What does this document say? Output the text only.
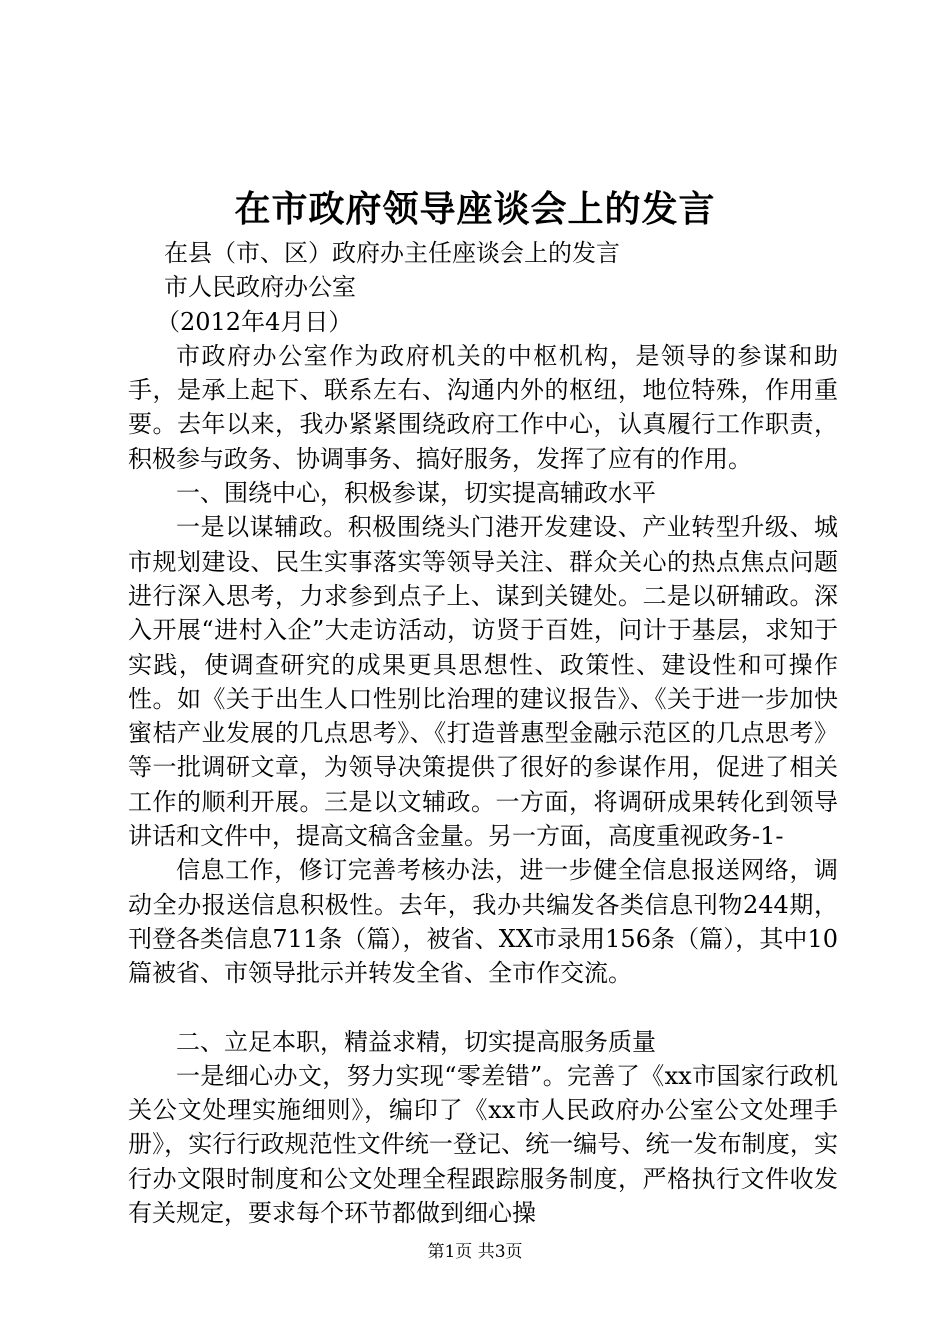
在市政府领导座谈会上的发言

在县（市、区）政府办主任座谈会上的发言

市人民政府办公室

（2012年4月日）

市政府办公室作为政府机关的中枢机构，是领导的参谋和助手，是承上起下、联系左右、沟通内外的枢纽，地位特殊，作用重要。去年以来，我办紧紧围绕政府工作中心，认真履行工作职责，积极参与政务、协调事务、搞好服务，发挥了应有的作用。

一、围绕中心，积极参谋，切实提高辅政水平

一是以谋辅政。积极围绕头门港开发建设、产业转型升级、城市规划建设、民生实事落实等领导关注、群众关心的热点焦点问题进行深入思考，力求参到点子上、谋到关键处。二是以研辅政。深入开展“进村入企”大走访活动，访贤于百姓，问计于基层，求知于实践，使调查研究的成果更具思想性、政策性、建设性和可操作性。如《关于出生人口性别比治理的建议报告》、《关于进一步加快蜜桔产业发展的几点思考》、《打造普惠型金融示范区的几点思考》等一批调研文章，为领导决策提供了很好的参谋作用，促进了相关工作的顺利开展。三是以文辅政。一方面，将调研成果转化到领导讲话和文件中，提高文稿含金量。另一方面，高度重视政务-1-

信息工作，修订完善考核办法，进一步健全信息报送网络，调动全办报送信息积极性。去年，我办共编发各类信息刊物244期，刊登各类信息711条（篇），被省、XX市录用156条（篇），其中10篇被省、市领导批示并转发全省、全市作交流。

二、立足本职，精益求精，切实提高服务质量

一是细心办文，努力实现“零差错”。完善了《xx市国家行政机关公文处理实施细则》，编印了《xx市人民政府办公室公文处理手册》，实行行政规范性文件统一登记、统一编号、统一发布制度，实行办文限时制度和公文处理全程跟踪服务制度，严格执行文件收发有关规定，要求每个环节都做到细心操

第1页 共3页
